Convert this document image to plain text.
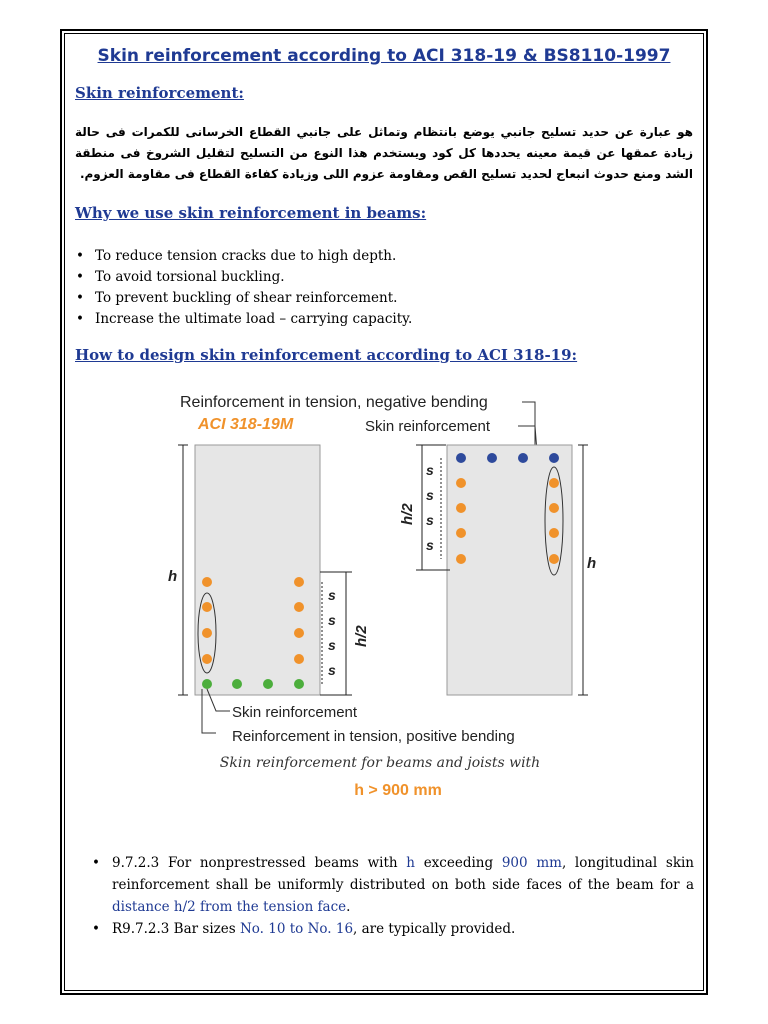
Skin reinforcement according to ACI 318-19 & BS8110-1997
Skin reinforcement:
هو عبارة عن حديد تسليح جانبي يوضع بانتظام وتماثل على جانبي القطاع الخرسانى للكمرات فى حالة زيادة عمقها عن قيمة معينه يحددها كل كود ويستخدم هذا النوع من التسليح لتقليل الشروخ فى منطقة الشد ومنع حدوث انبعاج لحديد تسليح القص ومقاومة عزوم اللى وزيادة كفاءة القطاع فى مقاومة العزوم.
Why we use skin reinforcement in beams:
• To reduce tension cracks due to high depth.
• To avoid torsional buckling.
• To prevent buckling of shear reinforcement.
• Increase the ultimate load – carrying capacity.
How to design skin reinforcement according to ACI 318-19:
Reinforcement in tension, negative bending
ACI 318-19M	Skin reinforcement
h
s
s
s
s
h/2
Skin reinforcement
Reinforcement in tension, positive bending
h
s
s
s
s
h/2
Skin reinforcement for beams and joists with
h > 900 mm
• 9.7.2.3 For nonprestressed beams with h exceeding 900 mm, longitudinal skin reinforcement shall be uniformly distributed on both side faces of the beam for a distance h/2 from the tension face.
• R9.7.2.3 Bar sizes No. 10 to No. 16, are typically provided.
